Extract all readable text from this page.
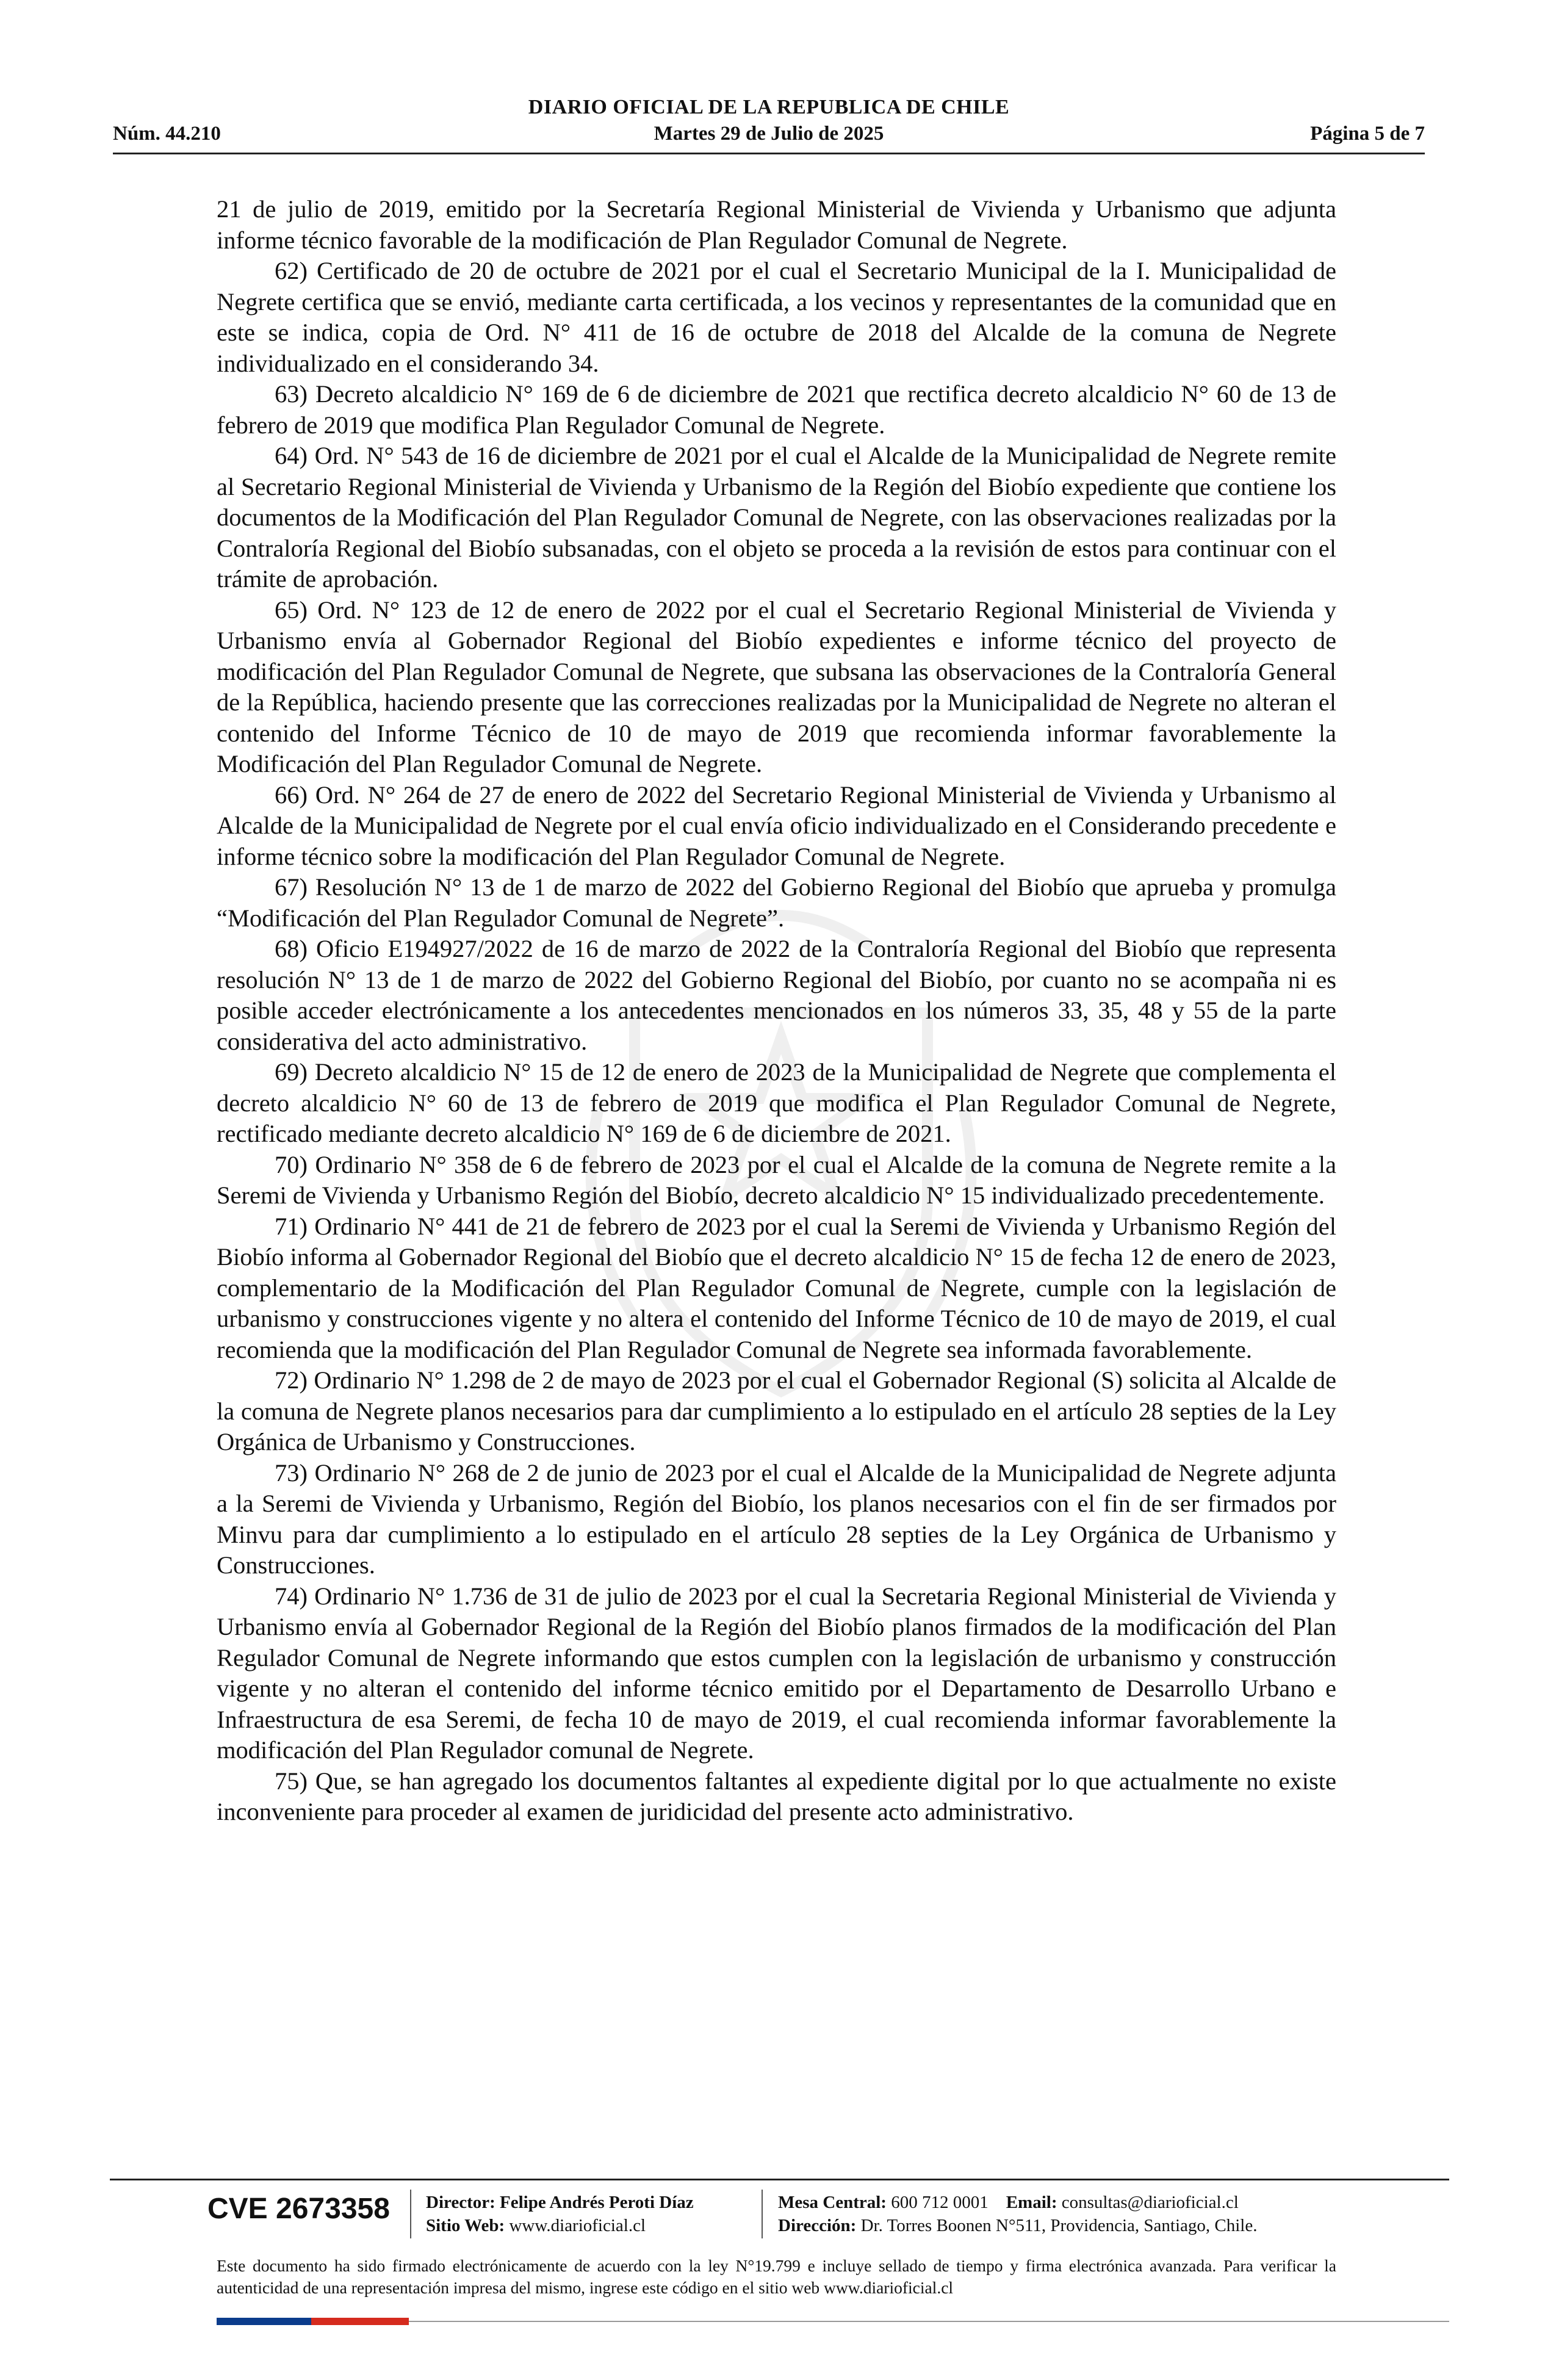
DIARIO OFICIAL DE LA REPUBLICA DE CHILE
Núm. 44.210	Martes 29 de Julio de 2025	Página 5 de 7

21 de julio de 2019, emitido por la Secretaría Regional Ministerial de Vivienda y Urbanismo que adjunta informe técnico favorable de la modificación de Plan Regulador Comunal de Negrete.

62) Certificado de 20 de octubre de 2021 por el cual el Secretario Municipal de la I. Municipalidad de Negrete certifica que se envió, mediante carta certificada, a los vecinos y representantes de la comunidad que en este se indica, copia de Ord. N° 411 de 16 de octubre de 2018 del Alcalde de la comuna de Negrete individualizado en el considerando 34.

63) Decreto alcaldicio N° 169 de 6 de diciembre de 2021 que rectifica decreto alcaldicio N° 60 de 13 de febrero de 2019 que modifica Plan Regulador Comunal de Negrete.

64) Ord. N° 543 de 16 de diciembre de 2021 por el cual el Alcalde de la Municipalidad de Negrete remite al Secretario Regional Ministerial de Vivienda y Urbanismo de la Región del Biobío expediente que contiene los documentos de la Modificación del Plan Regulador Comunal de Negrete, con las observaciones realizadas por la Contraloría Regional del Biobío subsanadas, con el objeto se proceda a la revisión de estos para continuar con el trámite de aprobación.

65) Ord. N° 123 de 12 de enero de 2022 por el cual el Secretario Regional Ministerial de Vivienda y Urbanismo envía al Gobernador Regional del Biobío expedientes e informe técnico del proyecto de modificación del Plan Regulador Comunal de Negrete, que subsana las observaciones de la Contraloría General de la República, haciendo presente que las correcciones realizadas por la Municipalidad de Negrete no alteran el contenido del Informe Técnico de 10 de mayo de 2019 que recomienda informar favorablemente la Modificación del Plan Regulador Comunal de Negrete.

66) Ord. N° 264 de 27 de enero de 2022 del Secretario Regional Ministerial de Vivienda y Urbanismo al Alcalde de la Municipalidad de Negrete por el cual envía oficio individualizado en el Considerando precedente e informe técnico sobre la modificación del Plan Regulador Comunal de Negrete.

67) Resolución N° 13 de 1 de marzo de 2022 del Gobierno Regional del Biobío que aprueba y promulga “Modificación del Plan Regulador Comunal de Negrete”.

68) Oficio E194927/2022 de 16 de marzo de 2022 de la Contraloría Regional del Biobío que representa resolución N° 13 de 1 de marzo de 2022 del Gobierno Regional del Biobío, por cuanto no se acompaña ni es posible acceder electrónicamente a los antecedentes mencionados en los números 33, 35, 48 y 55 de la parte considerativa del acto administrativo.

69) Decreto alcaldicio N° 15 de 12 de enero de 2023 de la Municipalidad de Negrete que complementa el decreto alcaldicio N° 60 de 13 de febrero de 2019 que modifica el Plan Regulador Comunal de Negrete, rectificado mediante decreto alcaldicio N° 169 de 6 de diciembre de 2021.

70) Ordinario N° 358 de 6 de febrero de 2023 por el cual el Alcalde de la comuna de Negrete remite a la Seremi de Vivienda y Urbanismo Región del Biobío, decreto alcaldicio N° 15 individualizado precedentemente.

71) Ordinario N° 441 de 21 de febrero de 2023 por el cual la Seremi de Vivienda y Urbanismo Región del Biobío informa al Gobernador Regional del Biobío que el decreto alcaldicio N° 15 de fecha 12 de enero de 2023, complementario de la Modificación del Plan Regulador Comunal de Negrete, cumple con la legislación de urbanismo y construcciones vigente y no altera el contenido del Informe Técnico de 10 de mayo de 2019, el cual recomienda que la modificación del Plan Regulador Comunal de Negrete sea informada favorablemente.

72) Ordinario N° 1.298 de 2 de mayo de 2023 por el cual el Gobernador Regional (S) solicita al Alcalde de la comuna de Negrete planos necesarios para dar cumplimiento a lo estipulado en el artículo 28 septies de la Ley Orgánica de Urbanismo y Construcciones.

73) Ordinario N° 268 de 2 de junio de 2023 por el cual el Alcalde de la Municipalidad de Negrete adjunta a la Seremi de Vivienda y Urbanismo, Región del Biobío, los planos necesarios con el fin de ser firmados por Minvu para dar cumplimiento a lo estipulado en el artículo 28 septies de la Ley Orgánica de Urbanismo y Construcciones.

74) Ordinario N° 1.736 de 31 de julio de 2023 por el cual la Secretaria Regional Ministerial de Vivienda y Urbanismo envía al Gobernador Regional de la Región del Biobío planos firmados de la modificación del Plan Regulador Comunal de Negrete informando que estos cumplen con la legislación de urbanismo y construcción vigente y no alteran el contenido del informe técnico emitido por el Departamento de Desarrollo Urbano e Infraestructura de esa Seremi, de fecha 10 de mayo de 2019, el cual recomienda informar favorablemente la modificación del Plan Regulador comunal de Negrete.

75) Que, se han agregado los documentos faltantes al expediente digital por lo que actualmente no existe inconveniente para proceder al examen de juridicidad del presente acto administrativo.

CVE 2673358 Director: Felipe Andrés Peroti Díaz
Sitio Web: www.diarioficial.cl
Mesa Central: 600 712 0001 Email: consultas@diarioficial.cl
Dirección: Dr. Torres Boonen N°511, Providencia, Santiago, Chile.
Este documento ha sido firmado electrónicamente de acuerdo con la ley N°19.799 e incluye sellado de tiempo y firma electrónica avanzada. Para verificar la autenticidad de una representación impresa del mismo, ingrese este código en el sitio web www.diarioficial.cl
